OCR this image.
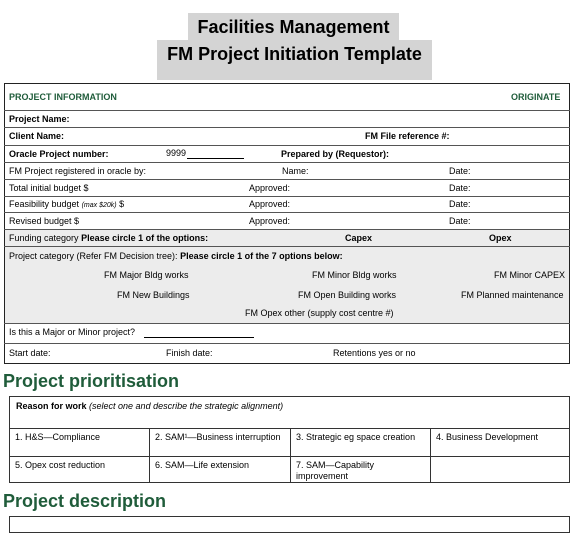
Facilities Management
FM Project Initiation Template
PROJECT INFORMATION	ORIGINATE
Project Name:
Client Name:	FM File reference #:
Oracle Project number:	9999	Prepared by (Requestor):
FM Project registered in oracle by:	Name:	Date:
Total initial budget $	Approved:	Date:
Feasibility budget (max $20k) $	Approved:	Date:
Revised budget $	Approved:	Date:
Funding category Please circle 1 of the options:	Capex	Opex
Project category (Refer FM Decision tree): Please circle 1 of the 7 options below:
FM Major Bldg works	FM Minor Bldg works	FM Minor CAPEX
FM New Buildings	FM Open Building works	FM Planned maintenance
FM Opex other (supply cost centre #)
Is this a Major or Minor project?
Start date:	Finish date:	Retentions yes or no
Project prioritisation
Reason for work (select one and describe the strategic alignment)
1. H&S—Compliance	2. SAM¹—Business interruption	3. Strategic eg space creation	4. Business Development
5. Opex cost reduction	6. SAM—Life extension	7. SAM—Capability improvement
Project description
